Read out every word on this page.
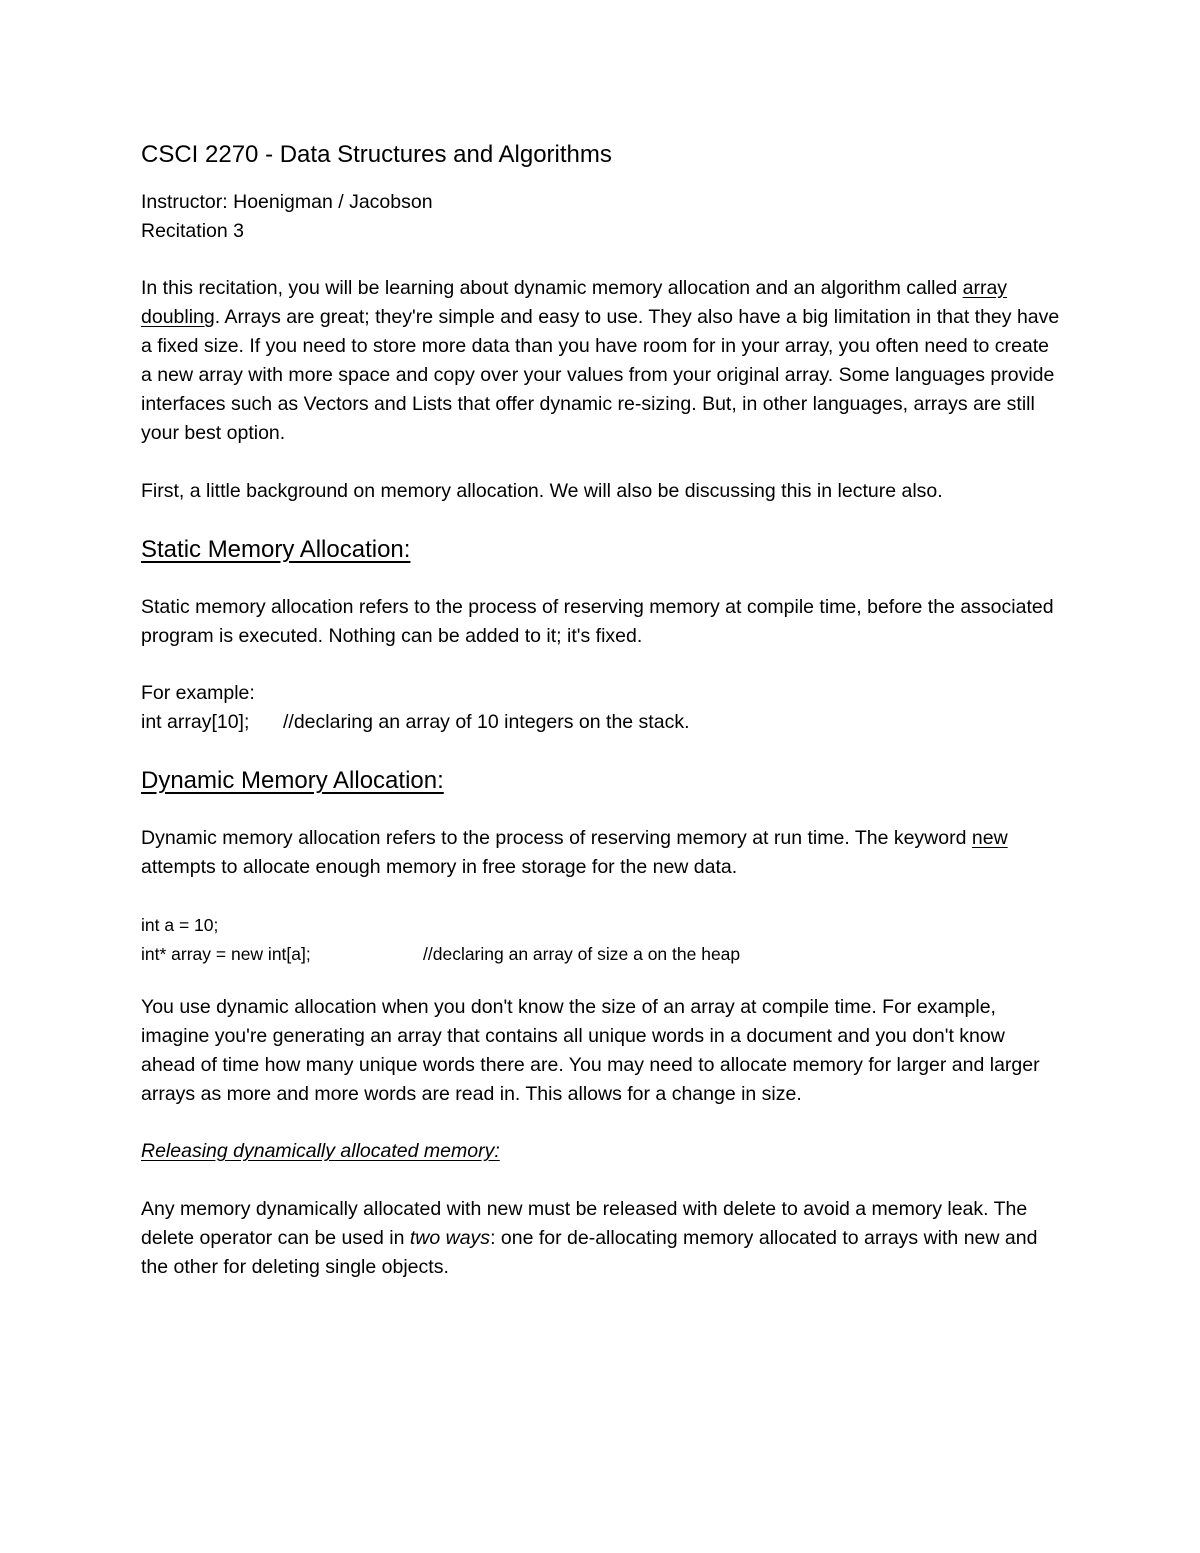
CSCI 2270 - Data Structures and Algorithms

Instructor: Hoenigman / Jacobson

Recitation 3

In this recitation, you will be learning about dynamic memory allocation and an algorithm called array doubling. Arrays are great; they're simple and easy to use. They also have a big limitation in that they have a fixed size. If you need to store more data than you have room for in your array, you often need to create a new array with more space and copy over your values from your original array. Some languages provide interfaces such as Vectors and Lists that offer dynamic re-sizing. But, in other languages, arrays are still your best option.

First, a little background on memory allocation. We will also be discussing this in lecture also.

Static Memory Allocation:

Static memory allocation refers to the process of reserving memory at compile time, before the associated program is executed. Nothing can be added to it; it's fixed.

For example:

int array[10]; //declaring an array of 10 integers on the stack.

Dynamic Memory Allocation:

Dynamic memory allocation refers to the process of reserving memory at run time. The keyword new attempts to allocate enough memory in free storage for the new data.

int a = 10;

int* array = new int[a];	//declaring an array of size a on the heap

You use dynamic allocation when you don't know the size of an array at compile time. For example, imagine you're generating an array that contains all unique words in a document and you don't know ahead of time how many unique words there are. You may need to allocate memory for larger and larger arrays as more and more words are read in. This allows for a change in size.

Releasing dynamically allocated memory:

Any memory dynamically allocated with new must be released with delete to avoid a memory leak. The delete operator can be used in two ways: one for de-allocating memory allocated to arrays with new and the other for deleting single objects.
